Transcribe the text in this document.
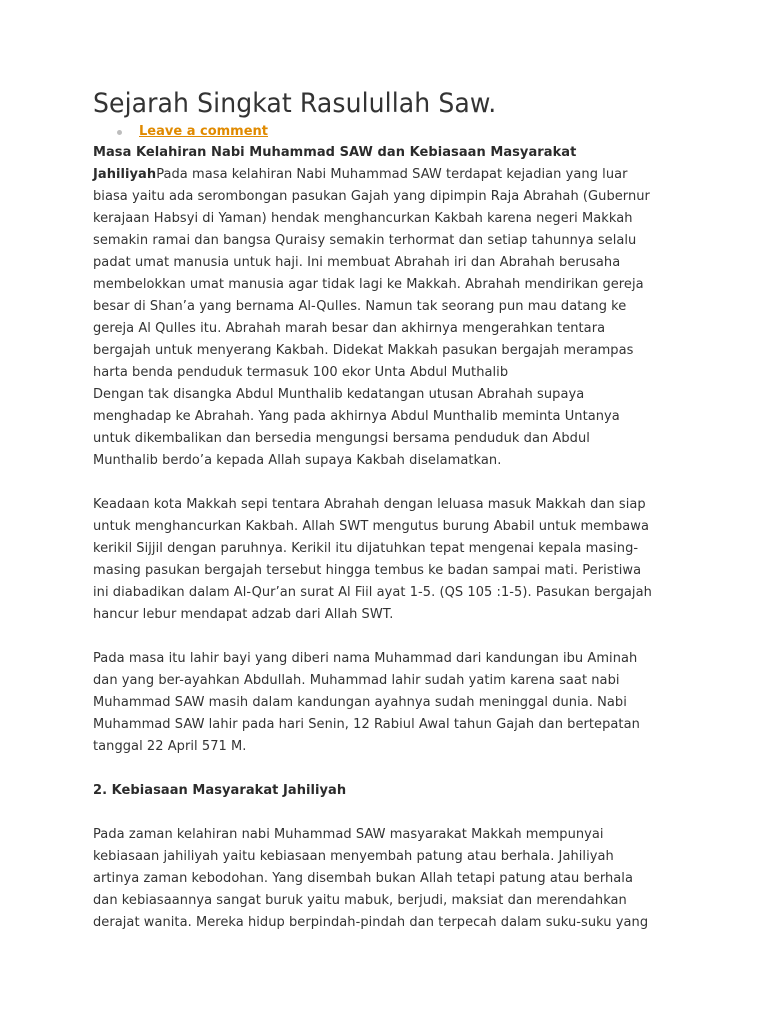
Sejarah Singkat Rasulullah Saw.
Leave a comment

Masa Kelahiran Nabi Muhammad SAW dan Kebiasaan Masyarakat

JahiliyahPada masa kelahiran Nabi Muhammad SAW terdapat kejadian yang luar

biasa yaitu ada serombongan pasukan Gajah yang dipimpin Raja Abrahah (Gubernur

kerajaan Habsyi di Yaman) hendak menghancurkan Kakbah karena negeri Makkah

semakin ramai dan bangsa Quraisy semakin terhormat dan setiap tahunnya selalu

padat umat manusia untuk haji. Ini membuat Abrahah iri dan Abrahah berusaha

membelokkan umat manusia agar tidak lagi ke Makkah. Abrahah mendirikan gereja

besar di Shan’a yang bernama Al-Qulles. Namun tak seorang pun mau datang ke

gereja Al Qulles itu. Abrahah marah besar dan akhirnya mengerahkan tentara

bergajah untuk menyerang Kakbah. Didekat Makkah pasukan bergajah merampas

harta benda penduduk termasuk 100 ekor Unta Abdul Muthalib

Dengan tak disangka Abdul Munthalib kedatangan utusan Abrahah supaya

menghadap ke Abrahah. Yang pada akhirnya Abdul Munthalib meminta Untanya

untuk dikembalikan dan bersedia mengungsi bersama penduduk dan Abdul

Munthalib berdo’a kepada Allah supaya Kakbah diselamatkan.

Keadaan kota Makkah sepi tentara Abrahah dengan leluasa masuk Makkah dan siap

untuk menghancurkan Kakbah. Allah SWT mengutus burung Ababil untuk membawa

kerikil Sijjil dengan paruhnya. Kerikil itu dijatuhkan tepat mengenai kepala masing-

masing pasukan bergajah tersebut hingga tembus ke badan sampai mati. Peristiwa

ini diabadikan dalam Al-Qur’an surat Al Fiil ayat 1-5. (QS 105 :1-5). Pasukan bergajah

hancur lebur mendapat adzab dari Allah SWT.

Pada masa itu lahir bayi yang diberi nama Muhammad dari kandungan ibu Aminah

dan yang ber-ayahkan Abdullah. Muhammad lahir sudah yatim karena saat nabi

Muhammad SAW masih dalam kandungan ayahnya sudah meninggal dunia. Nabi

Muhammad SAW lahir pada hari Senin, 12 Rabiul Awal tahun Gajah dan bertepatan

tanggal 22 April 571 M.

2. Kebiasaan Masyarakat Jahiliyah

Pada zaman kelahiran nabi Muhammad SAW masyarakat Makkah mempunyai

kebiasaan jahiliyah yaitu kebiasaan menyembah patung atau berhala. Jahiliyah

artinya zaman kebodohan. Yang disembah bukan Allah tetapi patung atau berhala

dan kebiasaannya sangat buruk yaitu mabuk, berjudi, maksiat dan merendahkan

derajat wanita. Mereka hidup berpindah-pindah dan terpecah dalam suku-suku yang
